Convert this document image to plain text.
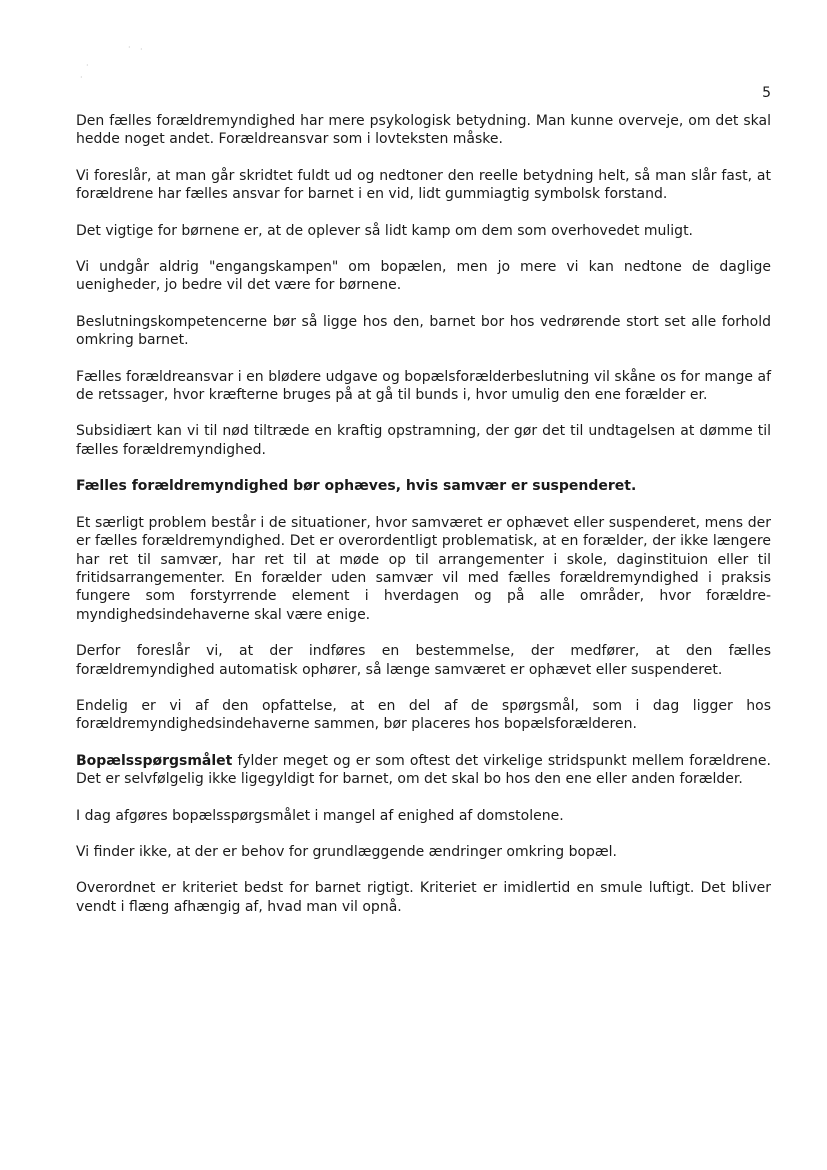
‧ ‧
‧
‧
5

Den fælles forældremyndighed har mere psykologisk betydning. Man kunne overveje, om det skal hedde noget andet. Forældreansvar som i lovteksten måske.

Vi foreslår, at man går skridtet fuldt ud og nedtoner den reelle betydning helt, så man slår fast, at forældrene har fælles ansvar for barnet i en vid, lidt gummiagtig symbolsk forstand.

Det vigtige for børnene er, at de oplever så lidt kamp om dem som overhovedet muligt.

Vi undgår aldrig "engangskampen" om bopælen, men jo mere vi kan nedtone de daglige uenigheder, jo bedre vil det være for børnene.

Beslutningskompetencerne bør så ligge hos den, barnet bor hos vedrørende stort set alle forhold omkring barnet.

Fælles forældreansvar i en blødere udgave og bopælsforælderbeslutning vil skåne os for mange af de retssager, hvor kræfterne bruges på at gå til bunds i, hvor umulig den ene forælder er.

Subsidiært kan vi til nød tiltræde en kraftig opstramning, der gør det til undtagelsen at dømme til fælles forældremyndighed.

Fælles forældremyndighed bør ophæves, hvis samvær er suspenderet.

Et særligt problem består i de situationer, hvor samværet er ophævet eller suspenderet, mens der er fælles forældremyndighed. Det er overordentligt problematisk, at en forælder, der ikke længere har ret til samvær, har ret til at møde op til arrangementer i skole, daginstituion eller til fritidsarrangementer. En forælder uden samvær vil med fælles forældremyndighed i praksis fungere som forstyrrende element i hverdagen og på alle områder, hvor forældre-myndighedsindehaverne skal være enige.

Derfor foreslår vi, at der indføres en bestemmelse, der medfører, at den fælles forældremyndighed automatisk ophører, så længe samværet er ophævet eller suspenderet.

Endelig er vi af den opfattelse, at en del af de spørgsmål, som i dag ligger hos forældremyndighedsindehaverne sammen, bør placeres hos bopælsforælderen.

Bopælsspørgsmålet fylder meget og er som oftest det virkelige stridspunkt mellem forældrene. Det er selvfølgelig ikke ligegyldigt for barnet, om det skal bo hos den ene eller anden forælder.

I dag afgøres bopælsspørgsmålet i mangel af enighed af domstolene.

Vi finder ikke, at der er behov for grundlæggende ændringer omkring bopæl.

Overordnet er kriteriet bedst for barnet rigtigt. Kriteriet er imidlertid en smule luftigt. Det bliver vendt i flæng afhængig af, hvad man vil opnå.
